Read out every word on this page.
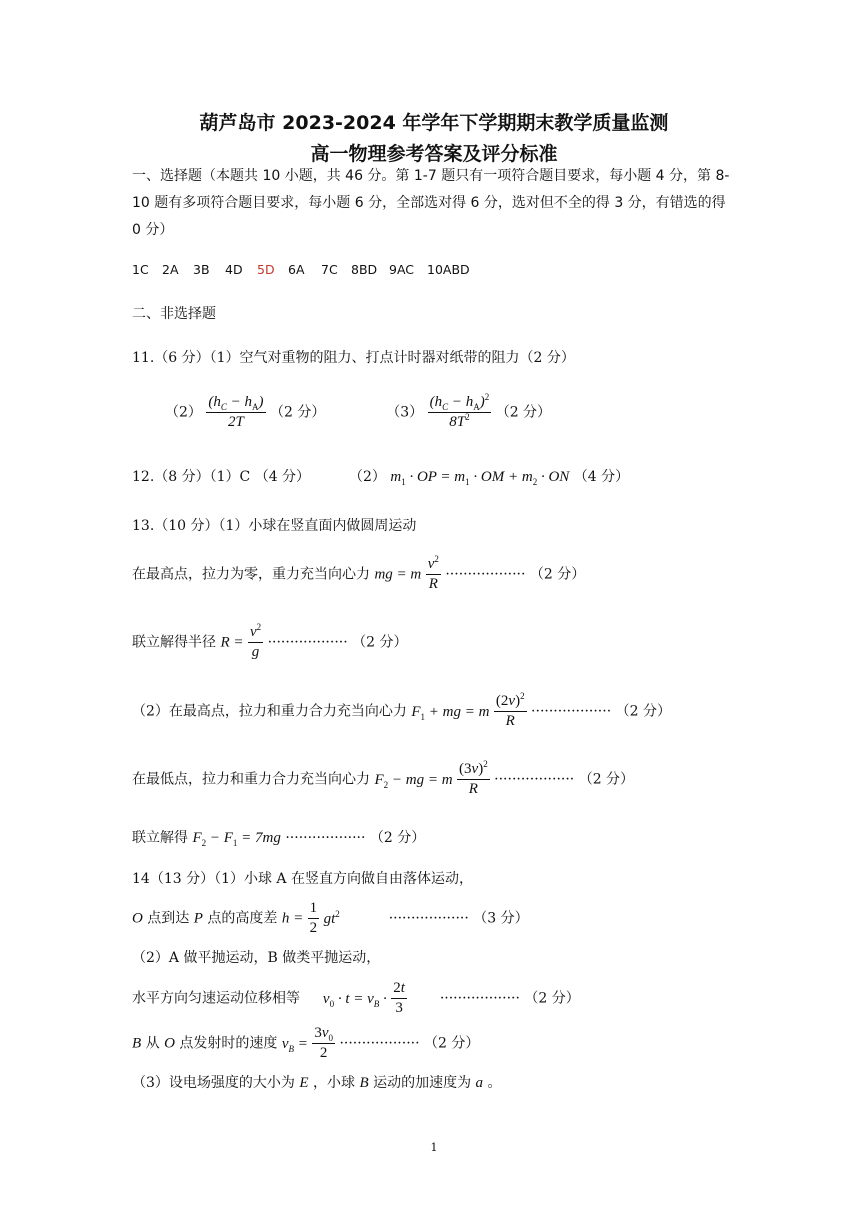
葫芦岛市 2023-2024 年学年下学期期末教学质量监测
高一物理参考答案及评分标准
一、选择题（本题共 10 小题，共 46 分。第 1-7 题只有一项符合题目要求，每小题 4 分，第 8-10 题有多项符合题目要求，每小题 6 分，全部选对得 6 分，选对但不全的得 3 分，有错选的得 0 分）
1C 2A 3B 4D 5D 6A 7C 8BD 9AC 10ABD
二、非选择题
11.（6 分）（1）空气对重物的阻力、打点计时器对纸带的阻力（2 分）
$(2) \frac{(h_C - h_A)}{2T} (2$ 分）	$(3) \frac{(h_C - h_A)^2}{8T^2} (2$ 分）
12.（8 分）（1）C （4 分）	（2） $m_1$ · OP = $m_1$ · OM + $m_2$ · ON （4 分）
13.（10 分）（1）小球在竖直面内做圆周运动
在最高点，拉力为零，重力充当向心力 mg = m $\frac{v^2}{R}$ ·················· （2 分）
联立解得半径 $R = \frac{v^2}{g}$ ·················· （2 分）
（2）在最高点，拉力和重力合力充当向心力 $F_1$ + mg = m $\frac{(2v)^2}{R}$ ·················· （2 分）
在最低点，拉力和重力合力充当向心力 $F_2$ − mg = m $\frac{(3v)^2}{R}$ ·················· （2 分）
联立解得 $F_2 - F_1 = 7mg$ ·················· （2 分）
14（13 分）（1）小球 A 在竖直方向做自由落体运动，
O 点到达 P 点的高度差 $h = \frac{1}{2} gt^2$	·················· （3 分）
（2）A 做平抛运动，B 做类平抛运动，
水平方向匀速运动位移相等 $v_0 \cdot t = v_B \cdot \frac{2t}{3}$ ·················· （2 分）
B 从 O 点发射时的速度 $v_B = \frac{3v_0}{2}$ ·················· （2 分）
（3）设电场强度的大小为 E ，小球 B 运动的加速度为 a 。
1
